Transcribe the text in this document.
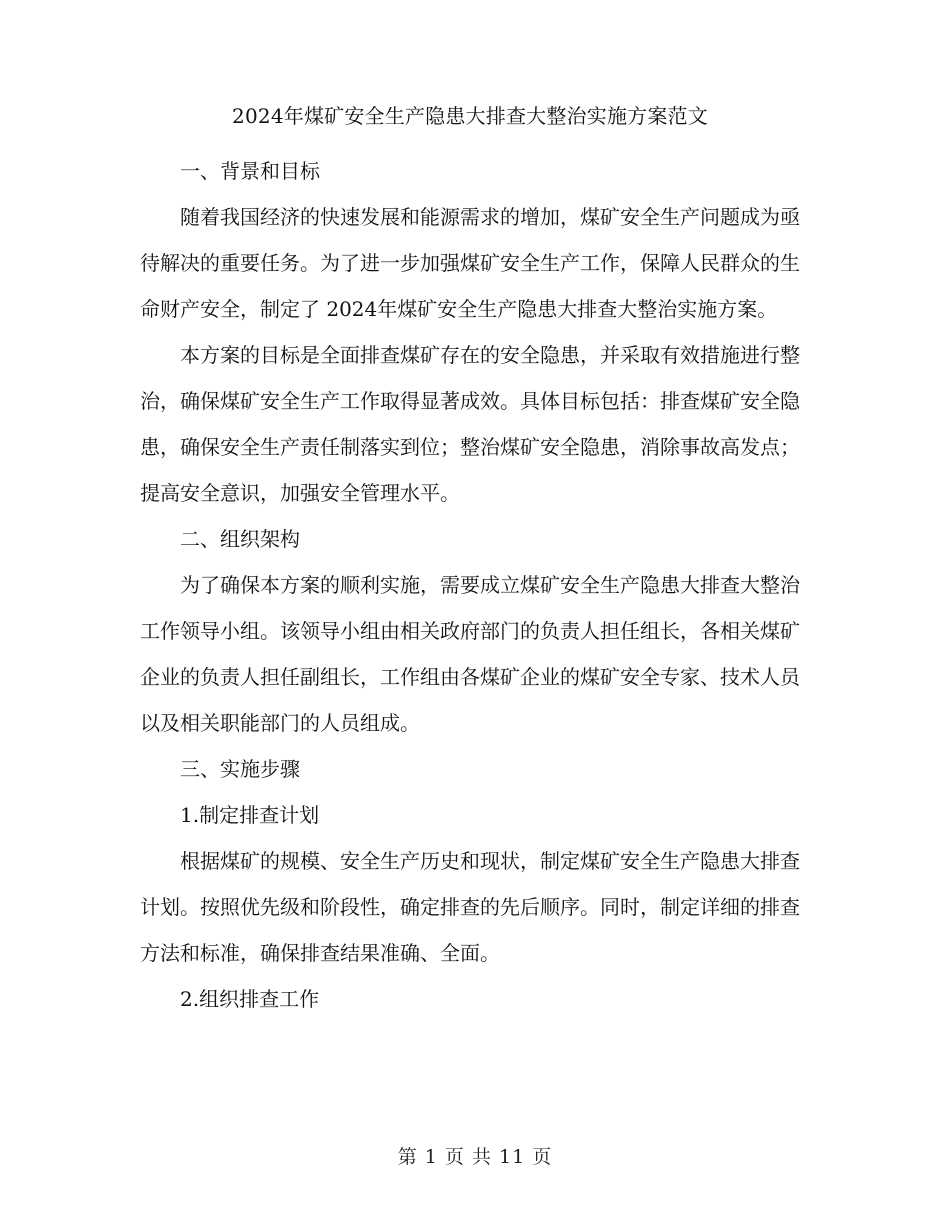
2024年煤矿安全生产隐患大排查大整治实施方案范文

一、背景和目标

随着我国经济的快速发展和能源需求的增加，煤矿安全生产问题成为亟待解决的重要任务。为了进一步加强煤矿安全生产工作，保障人民群众的生命财产安全，制定了 2024年煤矿安全生产隐患大排查大整治实施方案。

本方案的目标是全面排查煤矿存在的安全隐患，并采取有效措施进行整治，确保煤矿安全生产工作取得显著成效。具体目标包括：排查煤矿安全隐患，确保安全生产责任制落实到位；整治煤矿安全隐患，消除事故高发点；提高安全意识，加强安全管理水平。

二、组织架构

为了确保本方案的顺利实施，需要成立煤矿安全生产隐患大排查大整治工作领导小组。该领导小组由相关政府部门的负责人担任组长，各相关煤矿企业的负责人担任副组长，工作组由各煤矿企业的煤矿安全专家、技术人员以及相关职能部门的人员组成。

三、实施步骤

1.制定排查计划

根据煤矿的规模、安全生产历史和现状，制定煤矿安全生产隐患大排查计划。按照优先级和阶段性，确定排查的先后顺序。同时，制定详细的排查方法和标准，确保排查结果准确、全面。

2.组织排查工作

第 1 页 共 11 页
